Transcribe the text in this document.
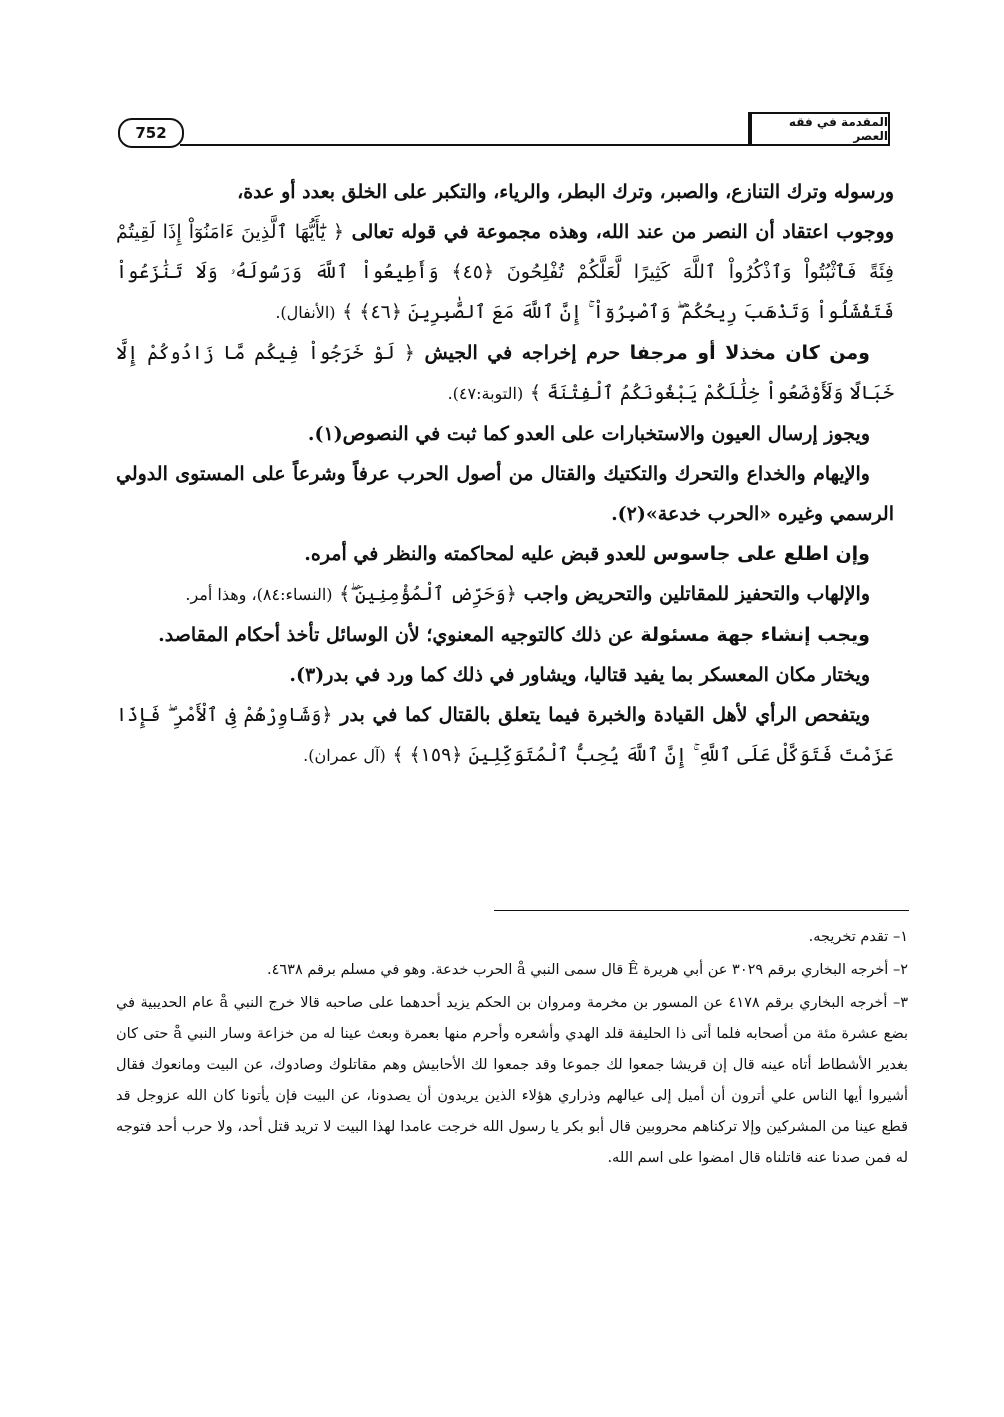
752
المقدمة في فقه العصر

ورسوله وترك التنازع، والصبر، وترك البطر، والرياء، والتكبر على الخلق بعدد أو عدة،

ووجوب اعتقاد أن النصر من عند الله، وهذه مجموعة في قوله تعالى ﴿ يَٰٓأَيُّهَا ٱلَّذِينَ ءَامَنُوٓاْ إِذَا لَقِيتُمْ فِئَةً فَٱثْبُتُواْ وَٱذْكُرُواْ ٱللَّهَ كَثِيرًا لَّعَلَّكُمْ تُفْلِحُونَ ﴿٤٥﴾ وَأَطِيعُواْ ٱللَّهَ وَرَسُولَهُۥ وَلَا تَنَٰزَعُواْ فَتَفْشَلُواْ وَتَذْهَبَ رِيحُكُمْ ۖ وَٱصْبِرُوٓاْ ۚ إِنَّ ٱللَّهَ مَعَ ٱلصَّٰبِرِينَ ﴿٤٦﴾ ﴾ (الأنفال).

ومن كان مخذلا أو مرجفا حرم إخراجه في الجيش ﴿ لَوْ خَرَجُواْ فِيكُم مَّا زَادُوكُمْ إِلَّا خَبَالًا وَلَأَوْضَعُواْ خِلَٰلَكُمْ يَبْغُونَكُمُ ٱلْفِتْنَةَ ﴾ (التوبة:٤٧).

ويجوز إرسال العيون والاستخبارات على العدو كما ثبت في النصوص(١).

والإيهام والخداع والتحرك والتكتيك والقتال من أصول الحرب عرفاً وشرعاً على المستوى الدولي الرسمي وغيره «الحرب خدعة»(٢).

وإن اطلع على جاسوس للعدو قبض عليه لمحاكمته والنظر في أمره.

والإلهاب والتحفيز للمقاتلين والتحريض واجب ﴿وَحَرِّضِ ٱلْمُؤْمِنِينَ ۖ﴾ (النساء:٨٤)، وهذا أمر.

ويجب إنشاء جهة مسئولة عن ذلك كالتوجيه المعنوي؛ لأن الوسائل تأخذ أحكام المقاصد.

ويختار مكان المعسكر بما يفيد قتاليا، ويشاور في ذلك كما ورد في بدر(٣).

ويتفحص الرأي لأهل القيادة والخبرة فيما يتعلق بالقتال كما في بدر ﴿وَشَاوِرْهُمْ فِى ٱلْأَمْرِ ۖ فَإِذَا عَزَمْتَ فَتَوَكَّلْ عَلَى ٱللَّهِ ۚ إِنَّ ٱللَّهَ يُحِبُّ ٱلْمُتَوَكِّلِينَ ﴿١٥٩﴾ ﴾ (آل عمران).

١– تقدم تخريجه.

٢– أخرجه البخاري برقم ٣٠٢٩ عن أبي هريرة Ê قال سمى النبي å الحرب خدعة. وهو في مسلم برقم ٤٦٣٨.

٣– أخرجه البخاري برقم ٤١٧٨ عن المسور بن مخرمة ومروان بن الحكم يزيد أحدهما على صاحبه قالا خرج النبي å عام الحديبية في بضع عشرة مئة من أصحابه فلما أتى ذا الحليفة قلد الهدي وأشعره وأحرم منها بعمرة وبعث عينا له من خزاعة وسار النبي å حتى كان بغدير الأشطاط أتاه عينه قال إن قريشا جمعوا لك جموعا وقد جمعوا لك الأحابيش وهم مقاتلوك وصادوك، عن البيت ومانعوك فقال أشيروا أيها الناس علي أترون أن أميل إلى عيالهم وذراري هؤلاء الذين يريدون أن يصدونا، عن البيت فإن يأتونا كان الله عزوجل قد قطع عينا من المشركين وإلا تركناهم محروبين قال أبو بكر يا رسول الله خرجت عامدا لهذا البيت لا تريد قتل أحد، ولا حرب أحد فتوجه له فمن صدنا عنه قاتلناه قال امضوا على اسم الله.
